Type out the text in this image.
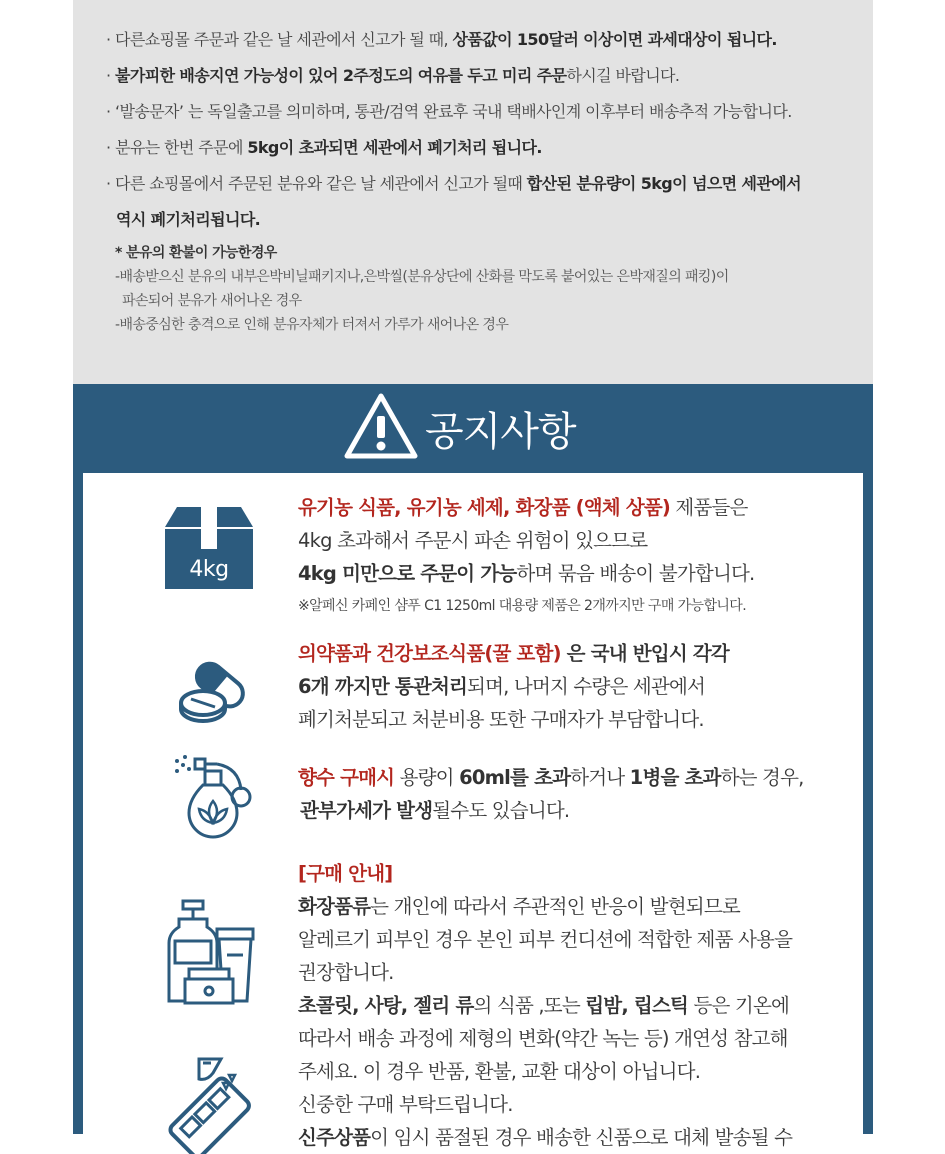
· 다른쇼핑몰 주문과 같은 날 세관에서 신고가 될 때, 상품값이 150달러 이상이면 과세대상이 됩니다.
· 불가피한 배송지연 가능성이 있어 2주정도의 여유를 두고 미리 주문하시길 바랍니다.
· ‘발송문자’ 는 독일출고를 의미하며, 통관/검역 완료후 국내 택배사인계 이후부터 배송추적 가능합니다.
· 분유는 한번 주문에 5kg이 초과되면 세관에서 폐기처리 됩니다.
· 다른 쇼핑몰에서 주문된 분유와 같은 날 세관에서 신고가 될때 합산된 분유량이 5kg이 넘으면 세관에서
역시 폐기처리됩니다.
* 분유의 환불이 가능한경우
-배송받으신 분유의 내부은박비닐패키지나,은박씰(분유상단에 산화를 막도록 붙어있는 은박재질의 패킹)이
파손되어 분유가 새어나온 경우
-배송중심한 충격으로 인해 분유자체가 터져서 가루가 새어나온 경우
공지사항
4kg
유기농 식품, 유기농 세제, 화장품 (액체 상품) 제품들은
4kg 초과해서 주문시 파손 위험이 있으므로
4kg 미만으로 주문이 가능하며 묶음 배송이 불가합니다.
※알페신 카페인 샴푸 C1 1250ml 대용량 제품은 2개까지만 구매 가능합니다.
의약품과 건강보조식품(꿀 포함) 은 국내 반입시 각각
6개 까지만 통관처리되며, 나머지 수량은 세관에서
폐기처분되고 처분비용 또한 구매자가 부담합니다.
향수 구매시 용량이 60ml를 초과하거나 1병을 초과하는 경우,
관부가세가 발생될수도 있습니다.
[구매 안내]
화장품류는 개인에 따라서 주관적인 반응이 발현되므로
알레르기 피부인 경우 본인 피부 컨디션에 적합한 제품 사용을
권장합니다.
초콜릿, 사탕, 젤리 류의 식품 ,또는 립밤, 립스틱 등은 기온에
따라서 배송 과정에 제형의 변화(약간 녹는 등) 개연성 참고해
주세요. 이 경우 반품, 환불, 교환 대상이 아닙니다.
신중한 구매 부탁드립니다.
신주상품이 임시 품절된 경우 배송한 신품으로 대체 발송될 수
